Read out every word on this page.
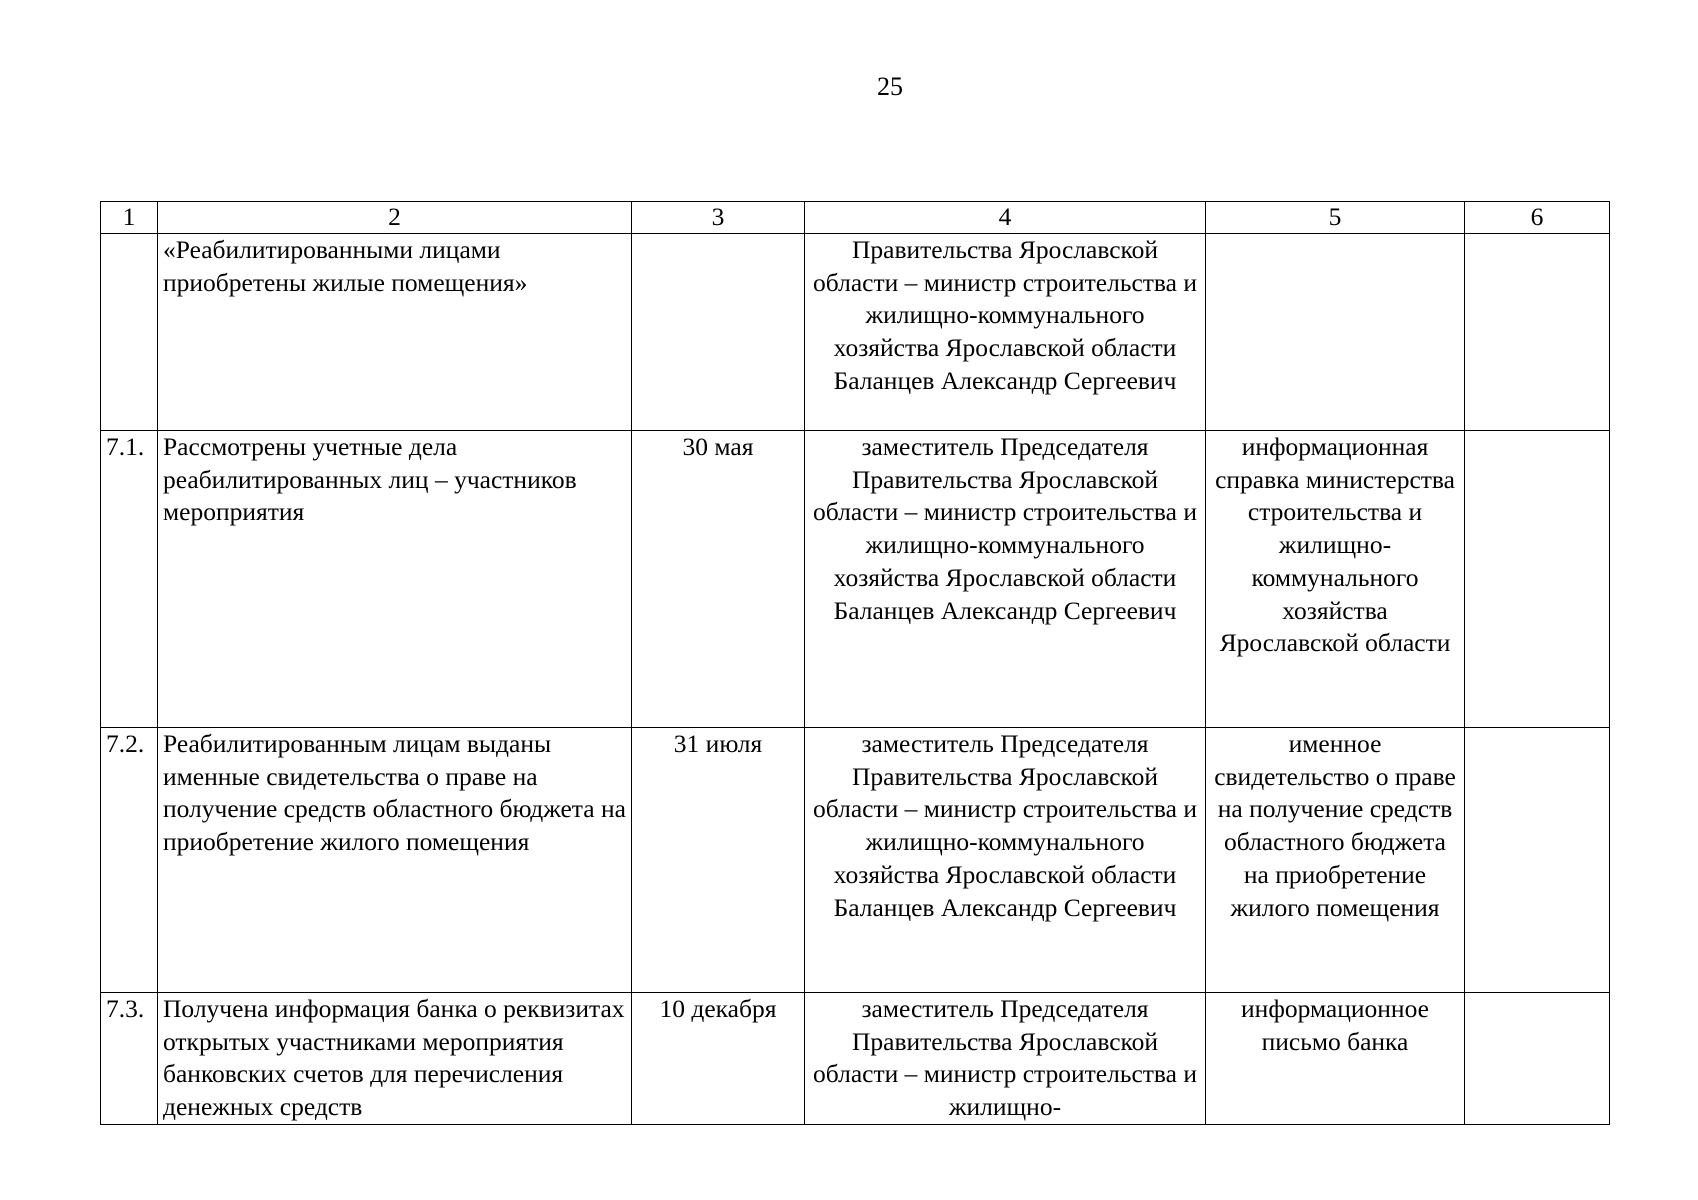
25
1	2	3	4	5	6
	«Реабилитированными лицами приобретены жилые помещения»		Правительства Ярославской области – министр строительства и жилищно-коммунального хозяйства Ярославской области Баланцев Александр Сергеевич		
7.1.	Рассмотрены учетные дела реабилитированных лиц – участников мероприятия	30 мая	заместитель Председателя Правительства Ярославской области – министр строительства и жилищно-коммунального хозяйства Ярославской области Баланцев Александр Сергеевич	информационная справка министерства строительства и жилищно-коммунального хозяйства Ярославской области	
7.2.	Реабилитированным лицам выданы именные свидетельства о праве на получение средств областного бюджета на приобретение жилого помещения	31 июля	заместитель Председателя Правительства Ярославской области – министр строительства и жилищно-коммунального хозяйства Ярославской области Баланцев Александр Сергеевич	именное свидетельство о праве на получение средств областного бюджета на приобретение жилого помещения	
7.3.	Получена информация банка о реквизитах открытых участниками мероприятия банковских счетов для перечисления денежных средств	10 декабря	заместитель Председателя Правительства Ярославской области – министр строительства и жилищно-	информационное письмо банка	
